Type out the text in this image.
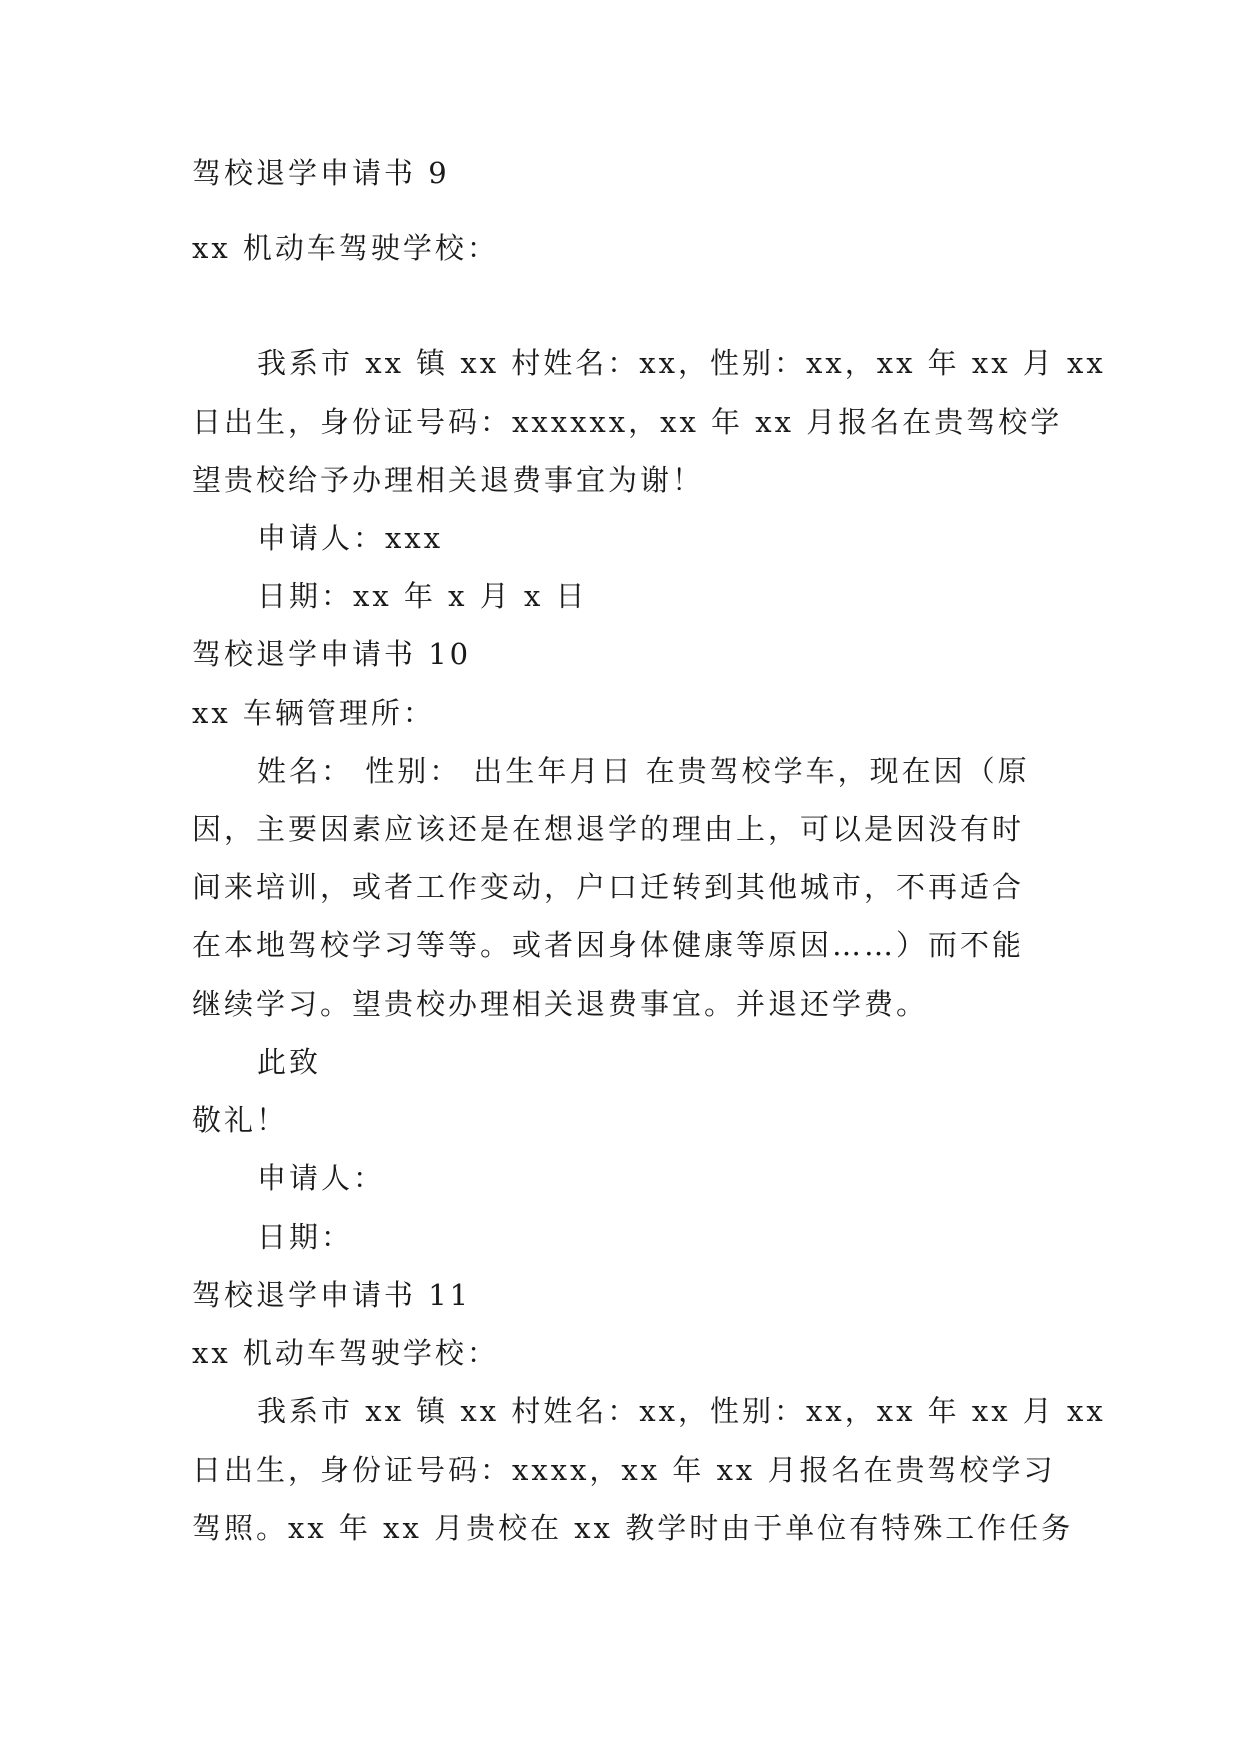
驾校退学申请书 9
xx 机动车驾驶学校：
我系市 xx 镇 xx 村姓名：xx，性别：xx，xx 年 xx 月 xx
日出生，身份证号码：xxxxxx，xx 年 xx 月报名在贵驾校学
望贵校给予办理相关退费事宜为谢！
申请人：xxx
日期：xx 年 x 月 x 日
驾校退学申请书 10
xx 车辆管理所：
姓名： 性别： 出生年月日 在贵驾校学车，现在因（原
因，主要因素应该还是在想退学的理由上，可以是因没有时
间来培训，或者工作变动，户口迁转到其他城市，不再适合
在本地驾校学习等等。或者因身体健康等原因……）而不能
继续学习。望贵校办理相关退费事宜。并退还学费。
此致
敬礼！
申请人：
日期：
驾校退学申请书 11
xx 机动车驾驶学校：
我系市 xx 镇 xx 村姓名：xx，性别：xx，xx 年 xx 月 xx
日出生，身份证号码：xxxx，xx 年 xx 月报名在贵驾校学习
驾照。xx 年 xx 月贵校在 xx 教学时由于单位有特殊工作任务
